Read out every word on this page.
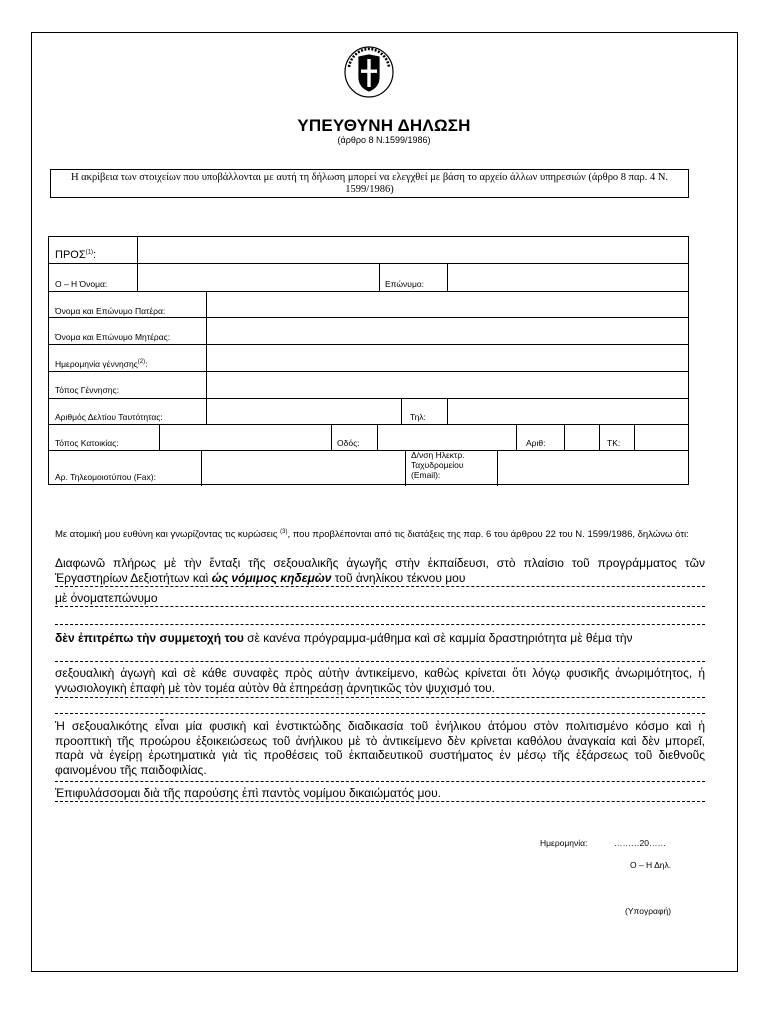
ΥΠΕΥΘΥΝΗ ΔΗΛΩΣΗ
(άρθρο 8 Ν.1599/1986)
Η ακρίβεια των στοιχείων που υποβάλλονται με αυτή τη δήλωση μπορεί να ελεγχθεί με βάση το αρχείο άλλων υπηρεσιών (άρθρο 8 παρ. 4 Ν. 1599/1986)
ΠΡΟΣ$^{(1)}$:
Ο – Η Όνομα:	Επώνυμο:
Όνομα και Επώνυμο Πατέρα:
Όνομα και Επώνυμο Μητέρας:
Ημερομηνία γέννησης$^{(2)}$:
Τόπος Γέννησης:
Αριθμός Δελτίου Ταυτότητας:	Τηλ:
Τόπος Κατοικίας:	Οδός:	Αριθ:	ΤΚ:
Αρ. Τηλεομοιοτύπου (Fax):
Δ/νση Ηλεκτρ.
Ταχυδρομείου
(Email):
Με ατομική μου ευθύνη και γνωρίζοντας τις κυρώσεις $^{(3)}$, που προβλέπονται από τις διατάξεις της παρ. 6 του άρθρου 22 του Ν. 1599/1986, δηλώνω ότι:
Διαφωνῶ πλήρως μὲ τὴν ἔνταξι τῆς σεξουαλικῆς ἀγωγῆς στὴν ἐκπαίδευσι, στὸ πλαίσιο τοῦ προγράμματος τῶν Ἐργαστηρίων Δεξιοτήτων καὶ ὡς νόμιμος κηδεμὼν τοῦ ἀνηλίκου τέκνου μου
μὲ ὀνοματεπώνυμο
δὲν ἐπιτρέπω τὴν συμμετοχή του σὲ κανένα πρόγραμμα-μάθημα καὶ σὲ καμμία δραστηριότητα μὲ θέμα τὴν
σεξουαλικὴ ἀγωγὴ καὶ σὲ κάθε συναφὲς πρὸς αὐτὴν ἀντικείμενο, καθὼς κρίνεται ὅτι λόγῳ φυσικῆς ἀνωριμότητος, ἡ γνωσιολογικὴ ἐπαφὴ μὲ τὸν τομέα αὐτὸν θὰ ἐπηρεάσῃ ἀρνητικῶς τὸν ψυχισμό του.
Ἡ σεξουαλικότης εἶναι μία φυσικὴ καὶ ἐνστικτώδης διαδικασία τοῦ ἐνήλικου ἀτόμου στὸν πολιτισμένο κόσμο καὶ ἡ προοπτικὴ τῆς προώρου ἐξοικειώσεως τοῦ ἀνήλικου μὲ τὸ ἀντικείμενο δὲν κρίνεται καθόλου ἀναγκαία καὶ δὲν μπορεῖ, παρὰ νὰ ἐγείρῃ ἐρωτηματικὰ γιὰ τὶς προθέσεις τοῦ ἐκπαιδευτικοῦ συστήματος ἐν μέσῳ τῆς ἐξάρσεως τοῦ διεθνοῦς φαινομένου τῆς παιδοφιλίας.
Ἐπιφυλάσσομαι διὰ τῆς παρούσης ἐπὶ παντὸς νομίμου δικαιώματός μου.
Ημερομηνία:	………20……
Ο – Η Δηλ.
(Υπογραφή)
